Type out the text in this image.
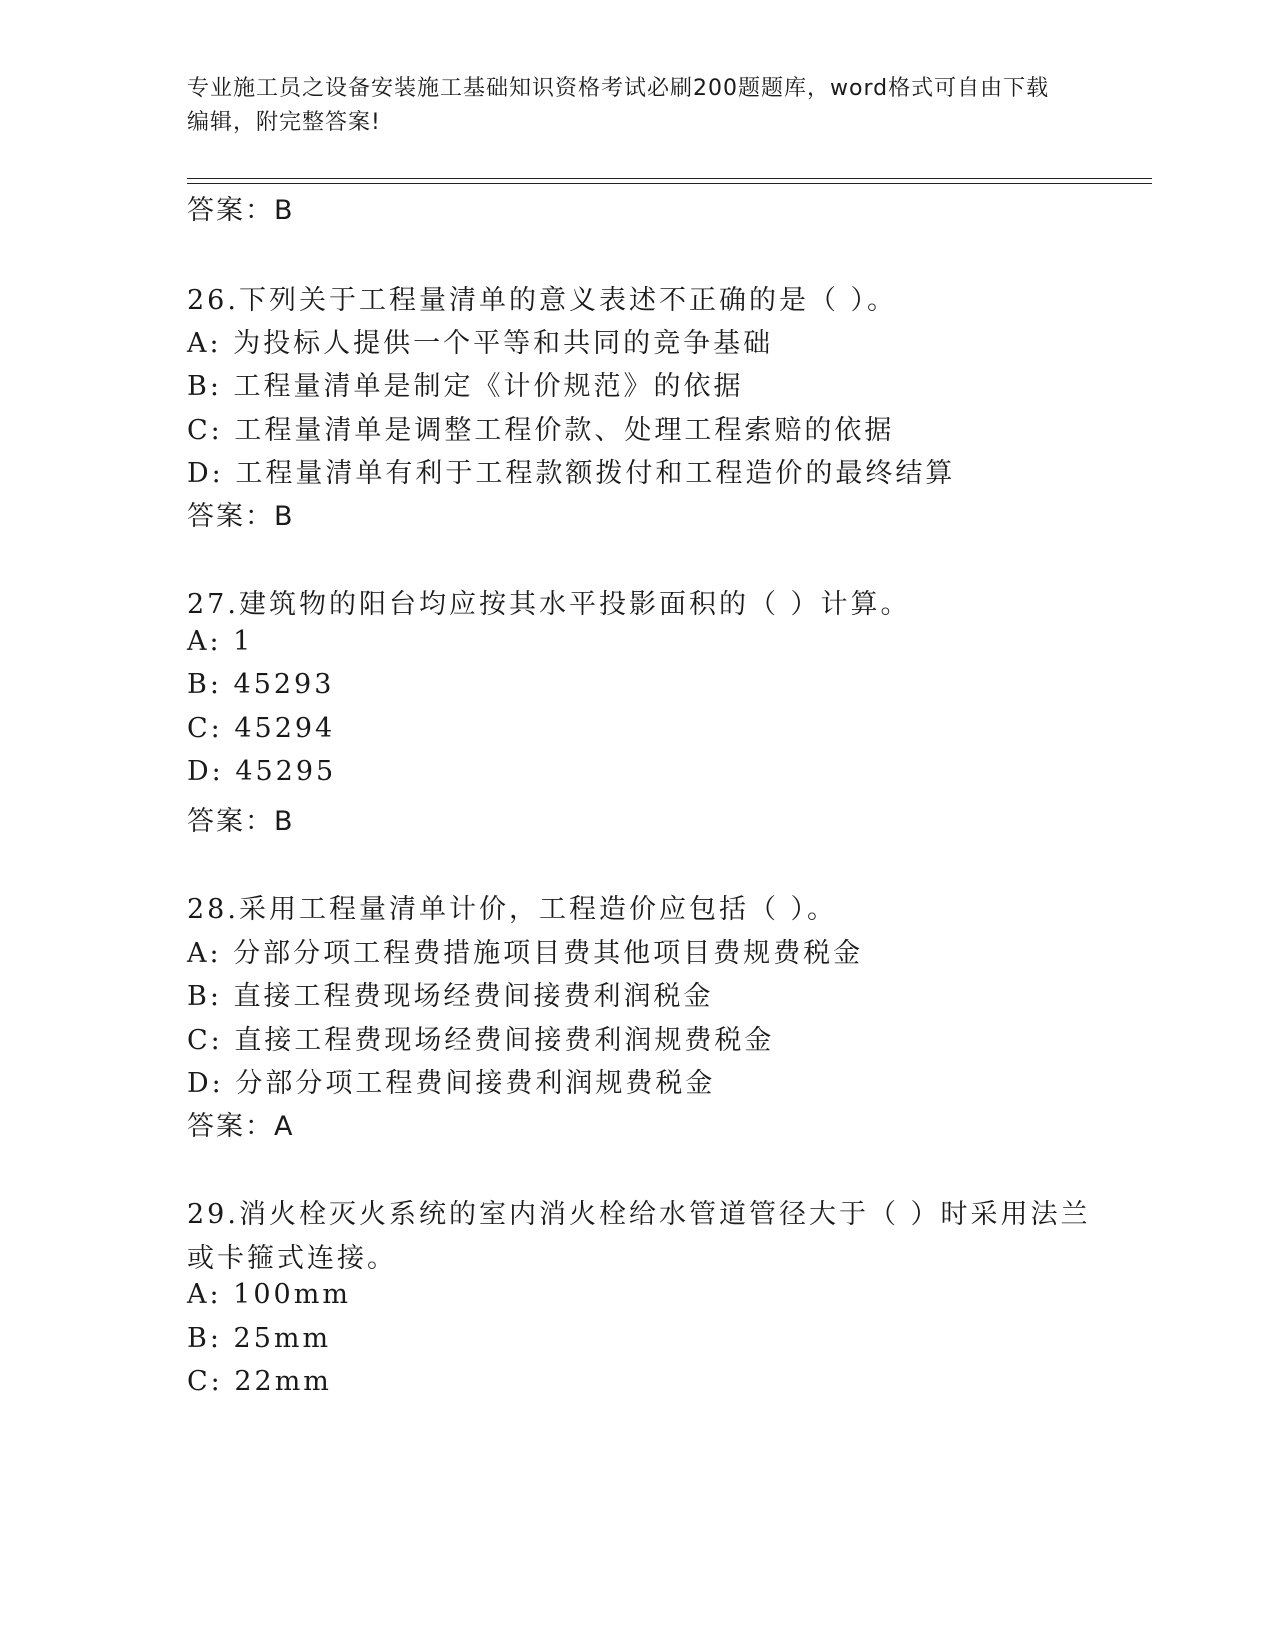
专业施工员之设备安装施工基础知识资格考试必刷200题题库，word格式可自由下载编辑，附完整答案!
答案：B
26.下列关于工程量清单的意义表述不正确的是（ ）。
A: 为投标人提供一个平等和共同的竞争基础
B: 工程量清单是制定《计价规范》的依据
C: 工程量清单是调整工程价款、处理工程索赔的依据
D: 工程量清单有利于工程款额拨付和工程造价的最终结算
答案：B
27.建筑物的阳台均应按其水平投影面积的（ ）计算。
A: 1
B: 45293
C: 45294
D: 45295
答案：B
28.采用工程量清单计价，工程造价应包括（ ）。
A: 分部分项工程费措施项目费其他项目费规费税金
B: 直接工程费现场经费间接费利润税金
C: 直接工程费现场经费间接费利润规费税金
D: 分部分项工程费间接费利润规费税金
答案：A
29.消火栓灭火系统的室内消火栓给水管道管径大于（ ）时采用法兰
或卡箍式连接。
A: 100mm
B: 25mm
C: 22mm
